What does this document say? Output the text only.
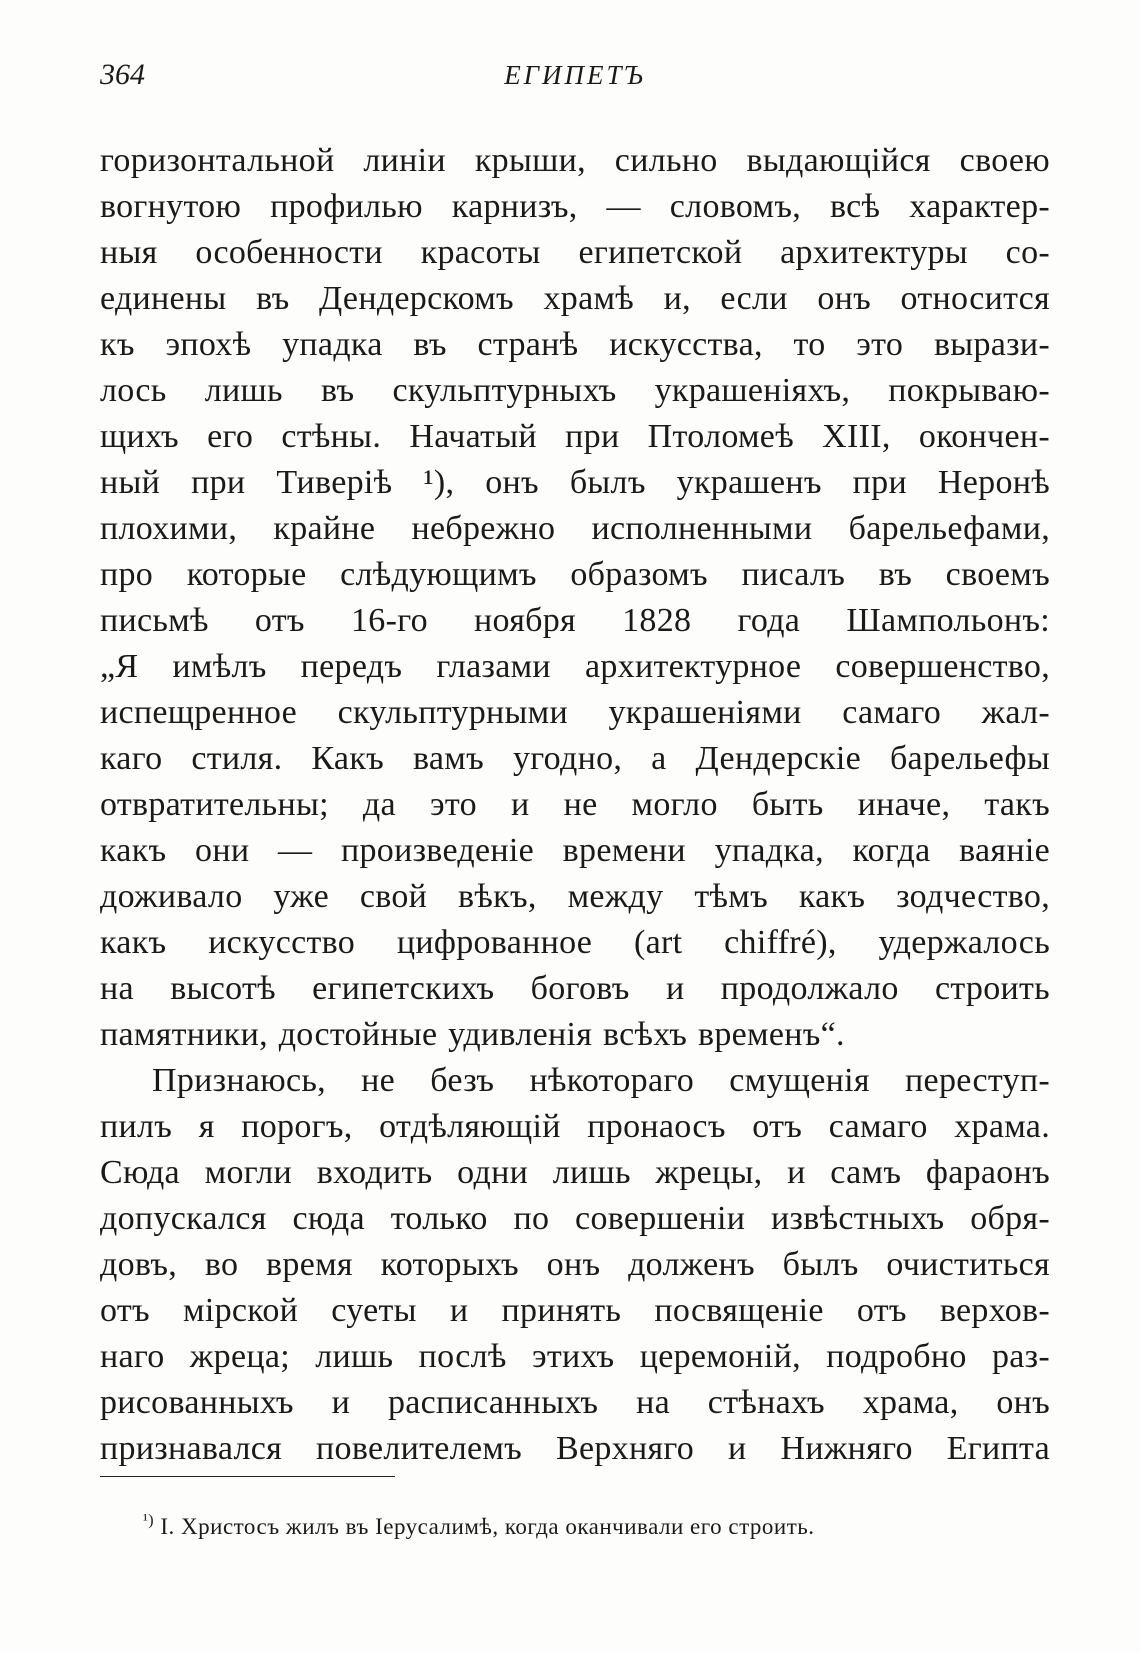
364	ЕГИПЕТЪ
горизонтальной линiи крыши, сильно выдающiйся своею
вогнутою профилью карнизъ, — словомъ, всѣ характер-
ныя особенности красоты египетской архитектуры со-
единены въ Дендерскомъ храмѣ и, если онъ относится
къ эпохѣ упадка въ странѣ искусства, то это вырази-
лось лишь въ скульптурныхъ украшенiяхъ, покрываю-
щихъ его стѣны. Начатый при Птоломеѣ XIII, окончен-
ный при Тиверiѣ ¹), онъ былъ украшенъ при Неронѣ
плохими, крайне небрежно исполненными барельефами,
про которые слѣдующимъ образомъ писалъ въ своемъ
письмѣ отъ 16-го ноября 1828 года Шампольонъ:
„Я имѣлъ передъ глазами архитектурное совершенство,
испещренное скульптурными украшенiями самаго жал-
каго стиля. Какъ вамъ угодно, а Дендерскiе барельефы
отвратительны; да это и не могло быть иначе, такъ
какъ они — произведенiе времени упадка, когда ваянiе
доживало уже свой вѣкъ, между тѣмъ какъ зодчество,
какъ искусство цифрованное (art chiffré), удержалось
на высотѣ египетскихъ боговъ и продолжало строить
памятники, достойные удивленiя всѣхъ временъ“.
Признаюсь, не безъ нѣкотораго смущенiя переступ-
пилъ я порогъ, отдѣляющiй пронаосъ отъ самаго храма.
Сюда могли входить одни лишь жрецы, и самъ фараонъ
допускался сюда только по совершенiи извѣстныхъ обря-
довъ, во время которыхъ онъ долженъ былъ очиститься
отъ мiрской суеты и принять посвященiе отъ верхов-
наго жреца; лишь послѣ этихъ церемонiй, подробно раз-
рисованныхъ и расписанныхъ на стѣнахъ храма, онъ
признавался повелителемъ Верхняго и Нижняго Египта
$^{^1)}$ I. Христосъ жилъ въ Iерусалимѣ, когда оканчивали его строить.
